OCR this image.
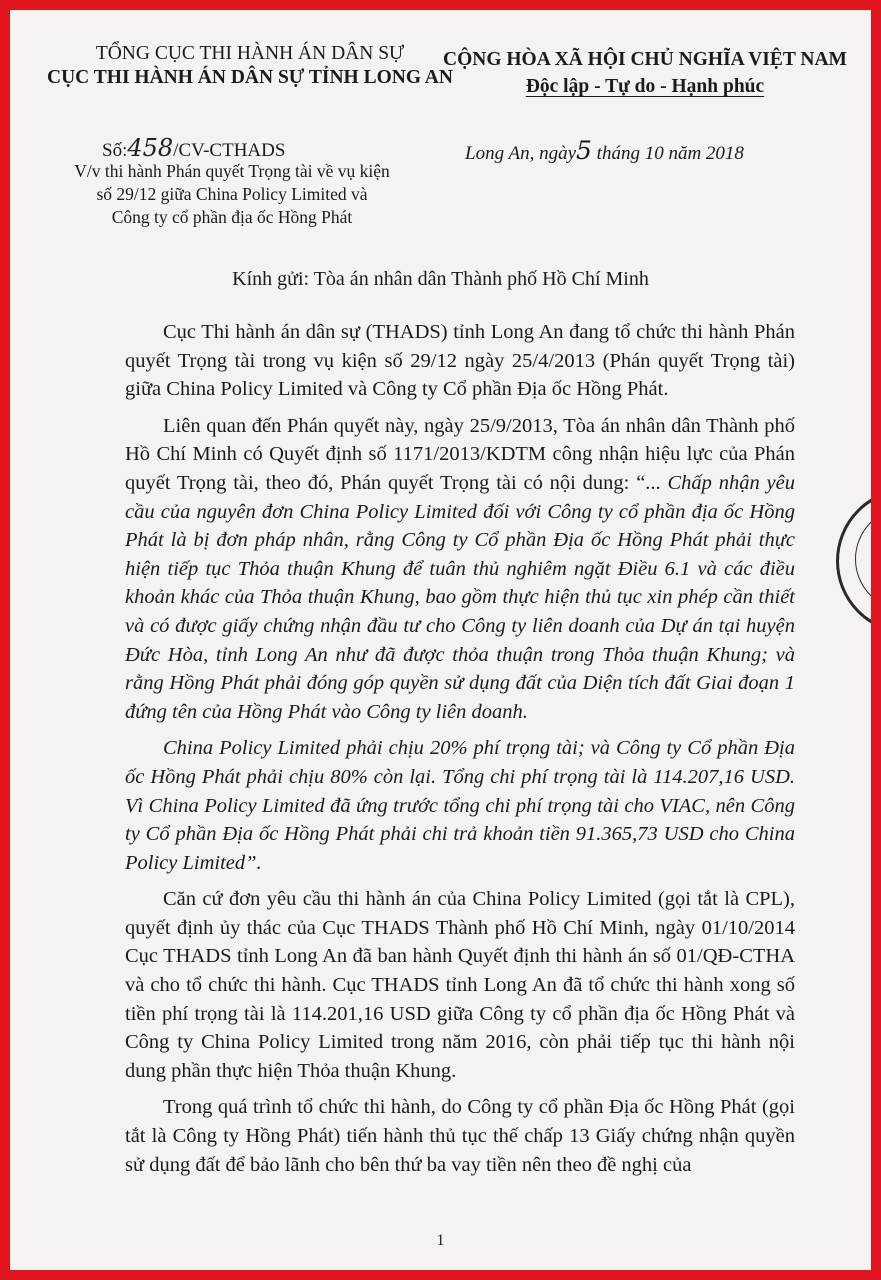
TỔNG CỤC THI HÀNH ÁN DÂN SỰ
CỤC THI HÀNH ÁN DÂN SỰ TỈNH LONG AN
CỘNG HÒA XÃ HỘI CHỦ NGHĨA VIỆT NAM
Độc lập - Tự do - Hạnh phúc
Số:458/CV-CTHADS
V/v thi hành Phán quyết Trọng tài về vụ kiện
số 29/12 giữa China Policy Limited và
Công ty cổ phần địa ốc Hồng Phát
Long An, ngày5 tháng 10 năm 2018
Kính gửi: Tòa án nhân dân Thành phố Hồ Chí Minh

Cục Thi hành án dân sự (THADS) tỉnh Long An đang tổ chức thi hành Phán quyết Trọng tài trong vụ kiện số 29/12 ngày 25/4/2013 (Phán quyết Trọng tài) giữa China Policy Limited và Công ty Cổ phần Địa ốc Hồng Phát.

Liên quan đến Phán quyết này, ngày 25/9/2013, Tòa án nhân dân Thành phố Hồ Chí Minh có Quyết định số 1171/2013/KDTM công nhận hiệu lực của Phán quyết Trọng tài, theo đó, Phán quyết Trọng tài có nội dung: “... Chấp nhận yêu cầu của nguyên đơn China Policy Limited đối với Công ty cổ phần địa ốc Hồng Phát là bị đơn pháp nhân, rằng Công ty Cổ phần Địa ốc Hồng Phát phải thực hiện tiếp tục Thỏa thuận Khung để tuân thủ nghiêm ngặt Điều 6.1 và các điều khoản khác của Thỏa thuận Khung, bao gồm thực hiện thủ tục xin phép cần thiết và có được giấy chứng nhận đầu tư cho Công ty liên doanh của Dự án tại huyện Đức Hòa, tỉnh Long An như đã được thỏa thuận trong Thỏa thuận Khung; và rằng Hồng Phát phải đóng góp quyền sử dụng đất của Diện tích đất Giai đoạn 1 đứng tên của Hồng Phát vào Công ty liên doanh.

China Policy Limited phải chịu 20% phí trọng tài; và Công ty Cổ phần Địa ốc Hồng Phát phải chịu 80% còn lại. Tổng chi phí trọng tài là 114.207,16 USD. Vì China Policy Limited đã ứng trước tổng chi phí trọng tài cho VIAC, nên Công ty Cổ phần Địa ốc Hồng Phát phải chi trả khoản tiền 91.365,73 USD cho China Policy Limited”.

Căn cứ đơn yêu cầu thi hành án của China Policy Limited (gọi tắt là CPL), quyết định ủy thác của Cục THADS Thành phố Hồ Chí Minh, ngày 01/10/2014 Cục THADS tỉnh Long An đã ban hành Quyết định thi hành án số 01/QĐ-CTHA và cho tổ chức thi hành. Cục THADS tỉnh Long An đã tổ chức thi hành xong số tiền phí trọng tài là 114.201,16 USD giữa Công ty cổ phần địa ốc Hồng Phát và Công ty China Policy Limited trong năm 2016, còn phải tiếp tục thi hành nội dung phần thực hiện Thỏa thuận Khung.

Trong quá trình tổ chức thi hành, do Công ty cổ phần Địa ốc Hồng Phát (gọi tắt là Công ty Hồng Phát) tiến hành thủ tục thế chấp 13 Giấy chứng nhận quyền sử dụng đất để bảo lãnh cho bên thứ ba vay tiền nên theo đề nghị của

1
